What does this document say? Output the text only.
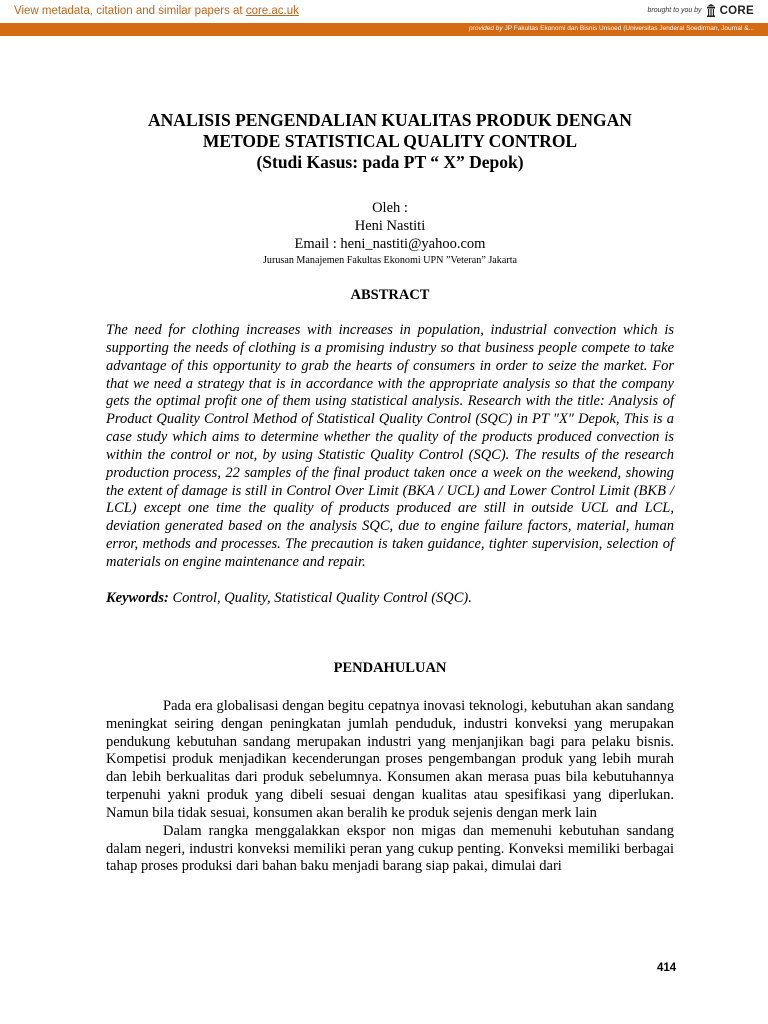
View metadata, citation and similar papers at core.ac.uk	brought to you by CORE
provided by JP Fakultas Ekonomi dan Bisnis Unsoed (Universitas Jenderal Soedirman, Journal &...
ANALISIS PENGENDALIAN KUALITAS PRODUK DENGAN
METODE STATISTICAL QUALITY CONTROL
(Studi Kasus: pada PT “ X” Depok)
Oleh :
Heni Nastiti
Email : heni_nastiti@yahoo.com
Jurusan Manajemen Fakultas Ekonomi UPN ”Veteran” Jakarta
ABSTRACT
The need for clothing increases with increases in population, industrial convection which is supporting the needs of clothing is a promising industry so that business people compete to take advantage of this opportunity to grab the hearts of consumers in order to seize the market. For that we need a strategy that is in accordance with the appropriate analysis so that the company gets the optimal profit one of them using statistical analysis. Research with the title: Analysis of Product Quality Control Method of Statistical Quality Control (SQC) in PT "X" Depok, This is a case study which aims to determine whether the quality of the products produced convection is within the control or not, by using Statistic Quality Control (SQC). The results of the research production process, 22 samples of the final product taken once a week on the weekend, showing the extent of damage is still in Control Over Limit (BKA / UCL) and Lower Control Limit (BKB / LCL) except one time the quality of products produced are still in outside UCL and LCL, deviation generated based on the analysis SQC, due to engine failure factors, material, human error, methods and processes. The precaution is taken guidance, tighter supervision, selection of materials on engine maintenance and repair.
Keywords: Control, Quality, Statistical Quality Control (SQC).
PENDAHULUAN
Pada era globalisasi dengan begitu cepatnya inovasi teknologi, kebutuhan akan sandang meningkat seiring dengan peningkatan jumlah penduduk, industri konveksi yang merupakan pendukung kebutuhan sandang merupakan industri yang menjanjikan bagi para pelaku bisnis. Kompetisi produk menjadikan kecenderungan proses pengembangan produk yang lebih murah dan lebih berkualitas dari produk sebelumnya. Konsumen akan merasa puas bila kebutuhannya terpenuhi yakni produk yang dibeli sesuai dengan kualitas atau spesifikasi yang diperlukan. Namun bila tidak sesuai, konsumen akan beralih ke produk sejenis dengan merk lain
Dalam rangka menggalakkan ekspor non migas dan memenuhi kebutuhan sandang dalam negeri, industri konveksi memiliki peran yang cukup penting. Konveksi memiliki berbagai tahap proses produksi dari bahan baku menjadi barang siap pakai, dimulai dari
414
